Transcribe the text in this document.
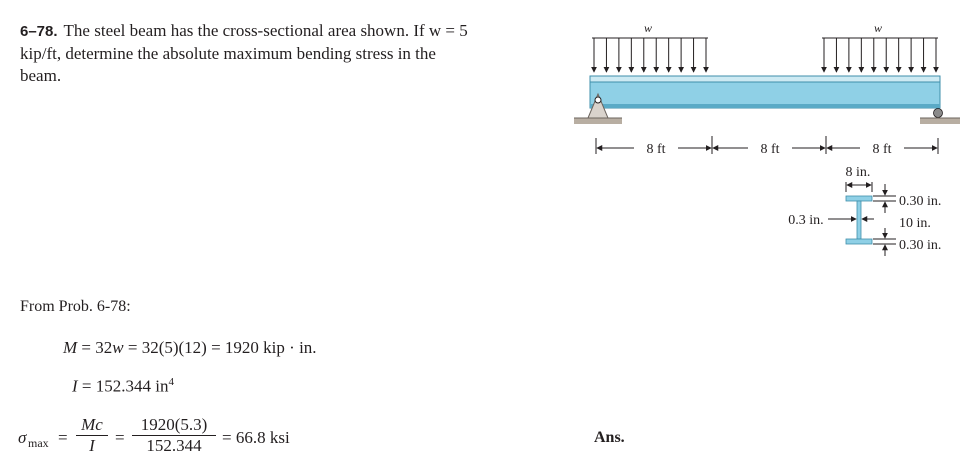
6–78. The steel beam has the cross-sectional area shown. If w = 5 kip/ft, determine the absolute maximum bending stress in the beam.
w	w
8 ft	8 ft	8 ft
8 in.
0.3 in.
0.30 in.
10 in.
0.30 in.
From Prob. 6-78:
M = 32w = 32(5)(12) = 1920 kip · in.
I = 152.344 $in^4$
σ $\max = \frac{Mc}{I} = \frac{1920(5.3)}{152.344} = 66.8$ ksi	Ans.
